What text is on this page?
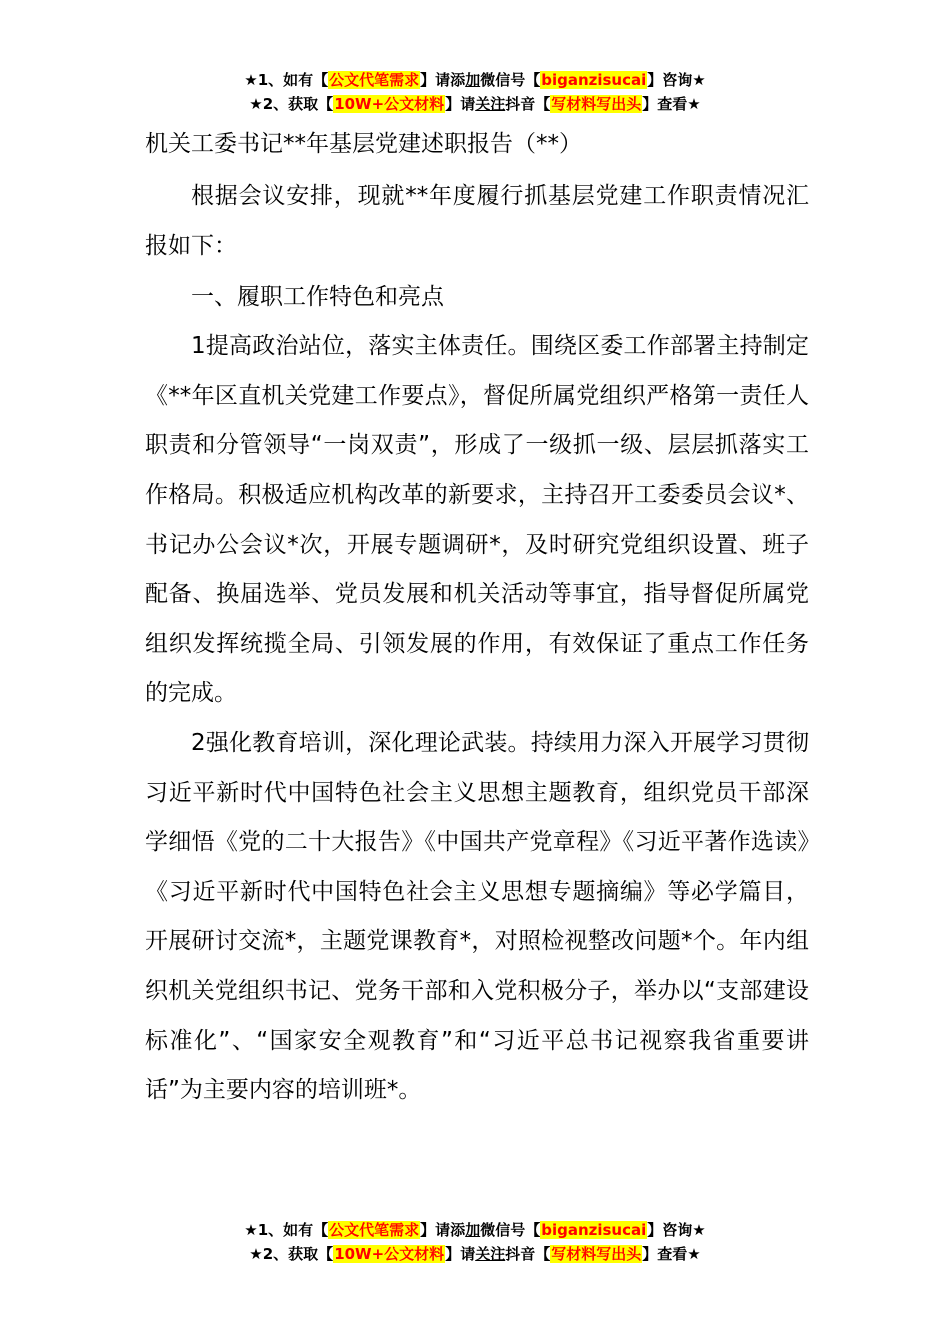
★1、如有【公文代笔需求】请添加微信号【biganzisucai】咨询★
★2、获取【10W+公文材料】请关注抖音【写材料写出头】查看★
机关工委书记**年基层党建述职报告（**）

根据会议安排，现就**年度履行抓基层党建工作职责情况汇报如下：

一、履职工作特色和亮点

1提高政治站位，落实主体责任。围绕区委工作部署主持制定《**年区直机关党建工作要点》，督促所属党组织严格第一责任人职责和分管领导“一岗双责”，形成了一级抓一级、层层抓落实工作格局。积极适应机构改革的新要求，主持召开工委委员会议*、书记办公会议*次，开展专题调研*，及时研究党组织设置、班子配备、换届选举、党员发展和机关活动等事宜，指导督促所属党组织发挥统揽全局、引领发展的作用，有效保证了重点工作任务的完成。

2强化教育培训，深化理论武装。持续用力深入开展学习贯彻习近平新时代中国特色社会主义思想主题教育，组织党员干部深学细悟《党的二十大报告》《中国共产党章程》《习近平著作选读》《习近平新时代中国特色社会主义思想专题摘编》等必学篇目，开展研讨交流*，主题党课教育*，对照检视整改问题*个。年内组织机关党组织书记、党务干部和入党积极分子，举办以“支部建设标准化”、“国家安全观教育”和“习近平总书记视察我省重要讲话”为主要内容的培训班*。

★1、如有【公文代笔需求】请添加微信号【biganzisucai】咨询★
★2、获取【10W+公文材料】请关注抖音【写材料写出头】查看★
